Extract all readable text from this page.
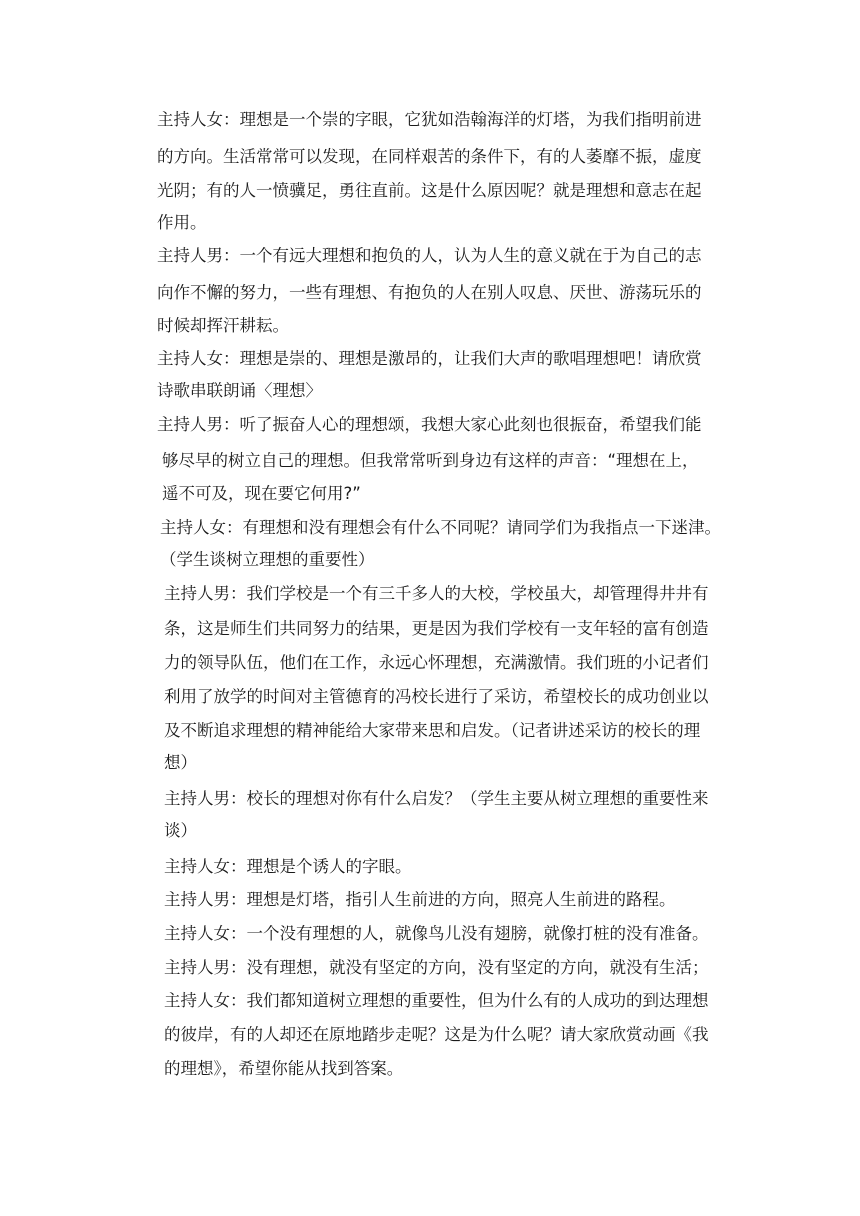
主持人女：理想是一个崇的字眼，它犹如浩翰海洋的灯塔，为我们指明前进
的方向。生活常常可以发现，在同样艰苦的条件下，有的人萎靡不振，虚度
光阴；有的人一愤骥足，勇往直前。这是什么原因呢？就是理想和意志在起
作用。
主持人男：一个有远大理想和抱负的人，认为人生的意义就在于为自己的志
向作不懈的努力，一些有理想、有抱负的人在别人叹息、厌世、游荡玩乐的
时候却挥汗耕耘。
主持人女：理想是崇的、理想是激昂的，让我们大声的歌唱理想吧！请欣赏
诗歌串联朗诵〈理想〉
主持人男：听了振奋人心的理想颂，我想大家心此刻也很振奋，希望我们能
够尽早的树立自己的理想。但我常常听到身边有这样的声音：“理想在上，
遥不可及，现在要它何用?”
主持人女：有理想和没有理想会有什么不同呢？请同学们为我指点一下迷津。
（学生谈树立理想的重要性）
主持人男：我们学校是一个有三千多人的大校，学校虽大，却管理得井井有
条，这是师生们共同努力的结果，更是因为我们学校有一支年轻的富有创造
力的领导队伍，他们在工作，永远心怀理想，充满激情。我们班的小记者们
利用了放学的时间对主管德育的冯校长进行了采访，希望校长的成功创业以
及不断追求理想的精神能给大家带来思和启发。（记者讲述采访的校长的理
想）
主持人男：校长的理想对你有什么启发？（学生主要从树立理想的重要性来
谈）
主持人女：理想是个诱人的字眼。
主持人男：理想是灯塔，指引人生前进的方向，照亮人生前进的路程。
主持人女：一个没有理想的人，就像鸟儿没有翅膀，就像打桩的没有准备。
主持人男：没有理想，就没有坚定的方向，没有坚定的方向，就没有生活；
主持人女：我们都知道树立理想的重要性，但为什么有的人成功的到达理想
的彼岸，有的人却还在原地踏步走呢？这是为什么呢？请大家欣赏动画《我
的理想》，希望你能从找到答案。
